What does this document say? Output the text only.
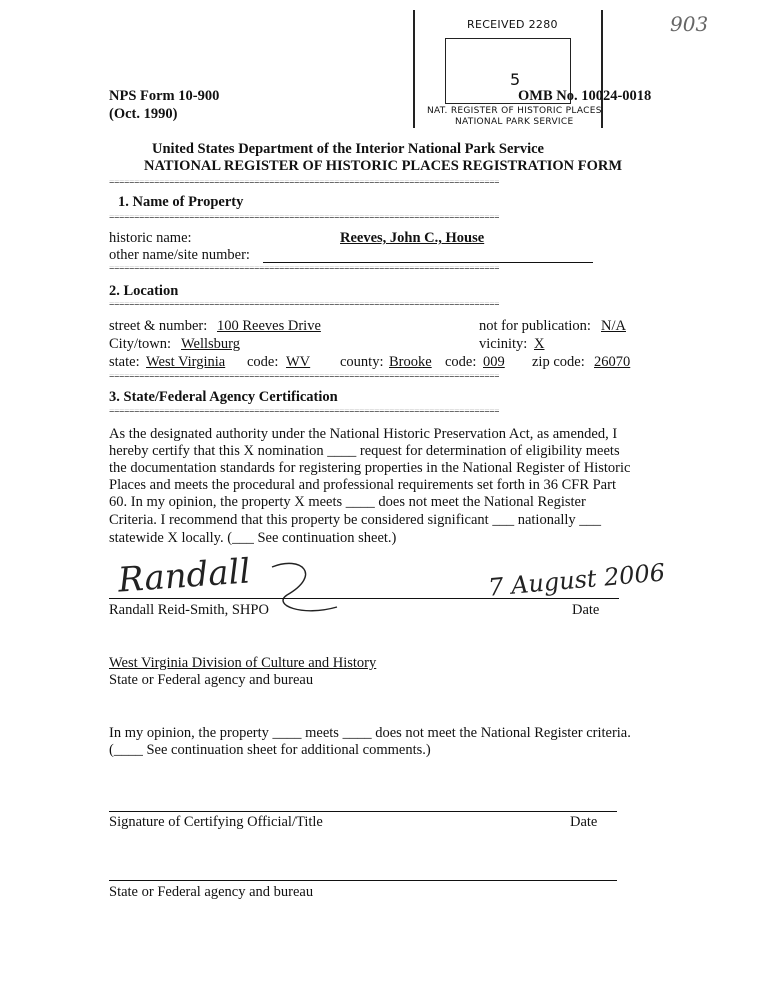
903
RECEIVED 2280
5
NAT. REGISTER OF HISTORIC PLACES
NATIONAL PARK SERVICE
NPS Form 10-900
(Oct. 1990)
OMB No. 10024-0018
United States Department of the Interior National Park Service
NATIONAL REGISTER OF HISTORIC PLACES REGISTRATION FORM
==============================================================================
1. Name of Property
==============================================================================
historic name:	Reeves, John C., House
other name/site number:
==============================================================================
2. Location
==============================================================================
street & number: 100 Reeves Drive	not for publication: N/A
City/town: Wellsburg	vicinity: X
state: West Virginia code: WV county: Brooke code: 009 zip code: 26070
==============================================================================
3. State/Federal Agency Certification
==============================================================================
As the designated authority under the National Historic Preservation Act, as amended, I
hereby certify that this X nomination ____ request for determination of eligibility meets
the documentation standards for registering properties in the National Register of Historic
Places and meets the procedural and professional requirements set forth in 36 CFR Part
60. In my opinion, the property X meets ____ does not meet the National Register
Criteria. I recommend that this property be considered significant ___ nationally ___
statewide X locally. (___ See continuation sheet.)
Randall	7 August 2006
Randall Reid-Smith, SHPO	Date
West Virginia Division of Culture and History
State or Federal agency and bureau
In my opinion, the property ____ meets ____ does not meet the National Register criteria.
(____ See continuation sheet for additional comments.)
Signature of Certifying Official/Title	Date
State or Federal agency and bureau
